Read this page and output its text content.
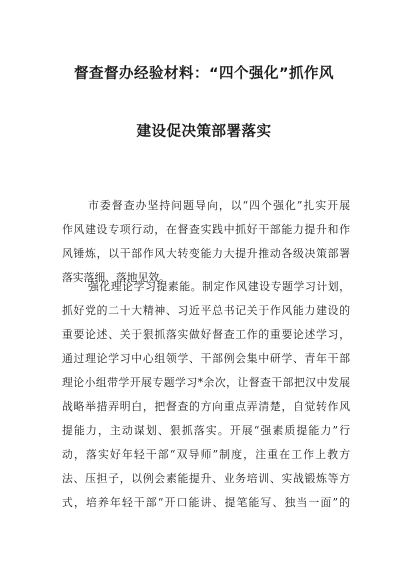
督查督办经验材料：“四个强化”抓作风
建设促决策部署落实
市委督查办坚持问题导向，以“四个强化”扎实开展
作风建设专项行动，在督查实践中抓好干部能力提升和作
风锤炼，以干部作风大转变能力大提升推动各级决策部署
落实落细、落地见效。
强化理论学习提素能。制定作风建设专题学习计划，
抓好党的二十大精神、习近平总书记关于作风能力建设的
重要论述、关于狠抓落实做好督查工作的重要论述学习，
通过理论学习中心组领学、干部例会集中研学、青年干部
理论小组带学开展专题学习*余次，让督查干部把汉中发展
战略举措弄明白，把督查的方向重点弄清楚，自觉转作风
提能力，主动谋划、狠抓落实。开展“强素质提能力”行
动，落实好年轻干部“双导师”制度，注重在工作上教方
法、压担子，以例会素能提升、业务培训、实战锻炼等方
式，培养年轻干部“开口能讲、提笔能写、独当一面”的
